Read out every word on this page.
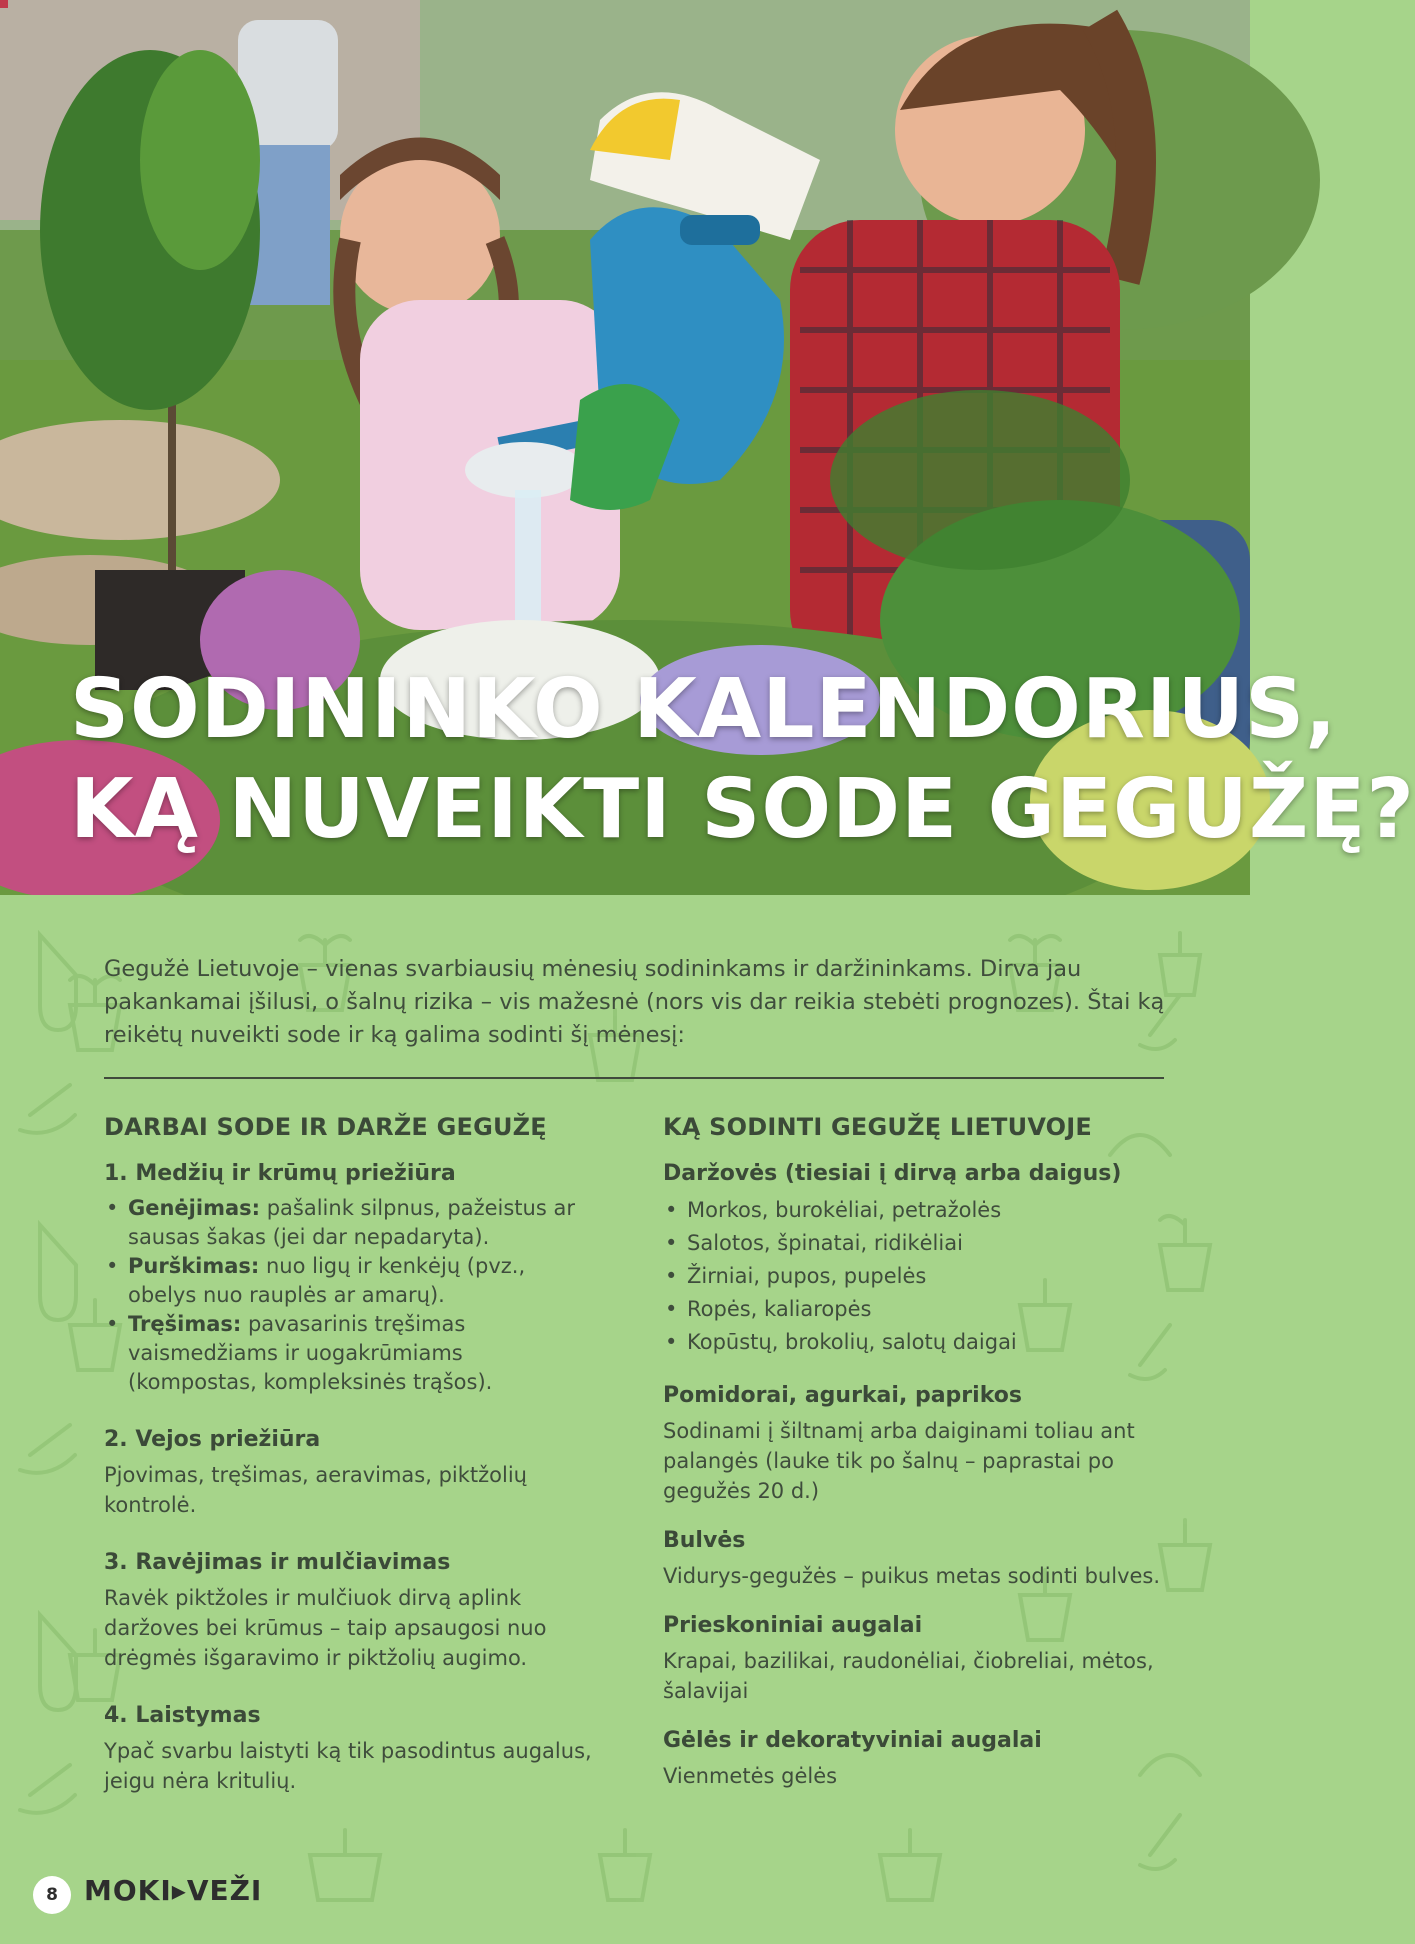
SODININKO KALENDORIUS,
KĄ NUVEIKTI SODE GEGUŽĘ?

Gegužė Lietuvoje – vienas svarbiausių mėnesių sodininkams ir daržininkams. Dirva jau pakankamai įšilusi, o šalnų rizika – vis mažesnė (nors vis dar reikia stebėti prognozes). Štai ką reikėtų nuveikti sode ir ką galima sodinti šį mėnesį:

DARBAI SODE IR DARŽE GEGUŽĘ
1. Medžių ir krūmų priežiūra
• Genėjimas: pašalink silpnus, pažeistus ar sausas šakas (jei dar nepadaryta).
• Purškimas: nuo ligų ir kenkėjų (pvz., obelys nuo rauplės ar amarų).
• Tręšimas: pavasarinis tręšimas vaismedžiams ir uogakrūmiams (kompostas, kompleksinės trąšos).
2. Vejos priežiūra

Pjovimas, tręšimas, aeravimas, piktžolių kontrolė.

3. Ravėjimas ir mulčiavimas

Ravėk piktžoles ir mulčiuok dirvą aplink daržoves bei krūmus – taip apsaugosi nuo drėgmės išgaravimo ir piktžolių augimo.

4. Laistymas

Ypač svarbu laistyti ką tik pasodintus augalus, jeigu nėra kritulių.

KĄ SODINTI GEGUŽĘ LIETUVOJE
Daržovės (tiesiai į dirvą arba daigus)
• Morkos, burokėliai, petražolės
• Salotos, špinatai, ridikėliai
• Žirniai, pupos, pupelės
• Ropės, kaliaropės
• Kopūstų, brokolių, salotų daigai
Pomidorai, agurkai, paprikos

Sodinami į šiltnamį arba daiginami toliau ant palangės (lauke tik po šalnų – paprastai po gegužės 20 d.)

Bulvės

Vidurys-gegužės – puikus metas sodinti bulves.

Prieskoniniai augalai

Krapai, bazilikai, raudonėliai, čiobreliai, mėtos, šalavijai

Gėlės ir dekoratyviniai augalai

Vienmetės gėlės

8 MOKI▸VEŽI
